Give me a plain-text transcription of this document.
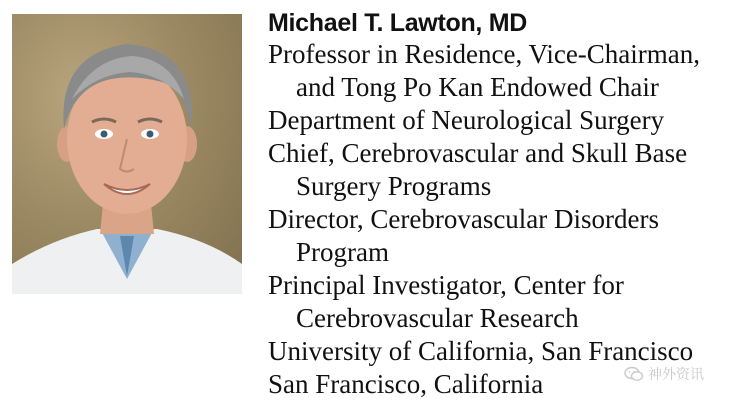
Michael T. Lawton, MD
Professor in Residence, Vice-Chairman,
and Tong Po Kan Endowed Chair
Department of Neurological Surgery
Chief, Cerebrovascular and Skull Base
Surgery Programs
Director, Cerebrovascular Disorders
Program
Principal Investigator, Center for
Cerebrovascular Research
University of California, San Francisco
San Francisco, California	神外资讯
